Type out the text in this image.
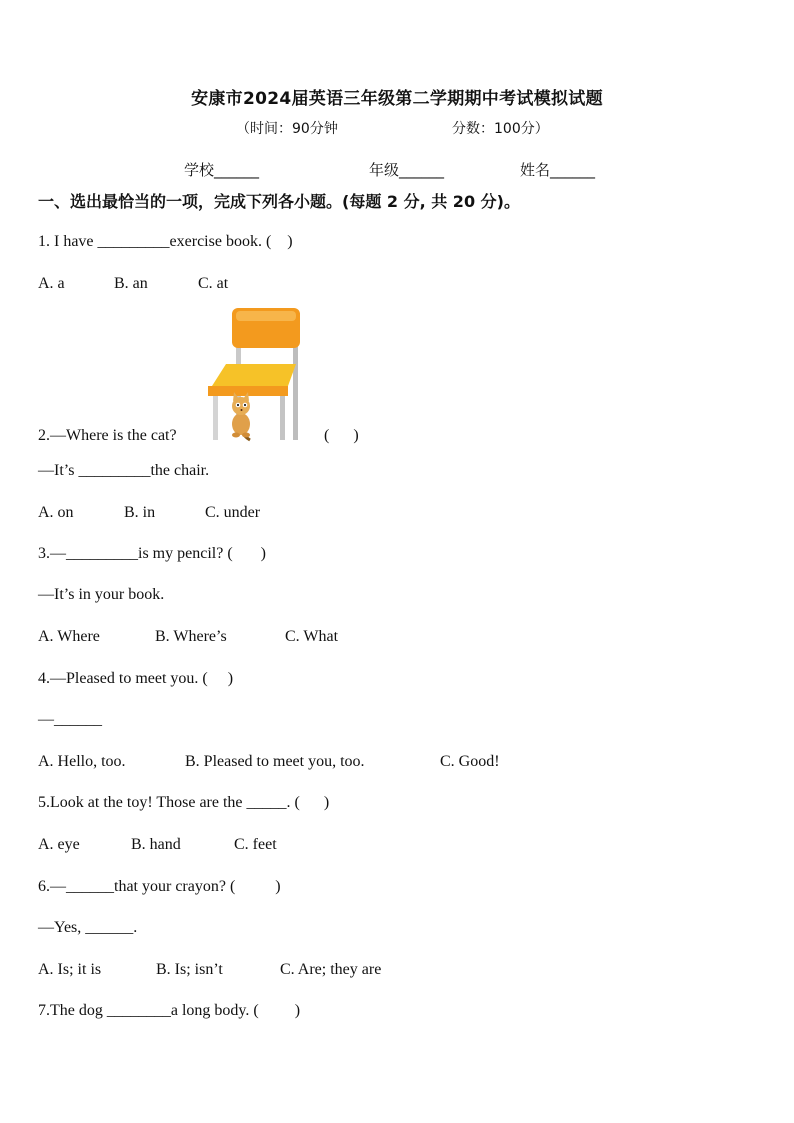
安康市2024届英语三年级第二学期期中考试模拟试题
（时间：90分钟	分数：100分）
学校______	年级______	姓名______
一、选出最恰当的一项，完成下列各小题。(每题 2 分, 共 20 分)。
1. I have _________exercise book. (    )
A. a	B. an	C. at
2.—Where is the cat?	(      )
—It’s _________the chair.
A. on	B. in	C. under
3.—_________is my pencil? (       )
—It’s in your book.
A. Where	B. Where’s	C. What
4.—Pleased to meet you. (     )
—______
A. Hello, too.	B. Pleased to meet you, too.	C. Good!
5.Look at the toy! Those are the _____. (      )
A. eye	B. hand	C. feet
6.—______that your crayon? (          )
—Yes, ______.
A. Is; it is	B. Is; isn’t	C. Are; they are
7.The dog ________a long body. (         )
